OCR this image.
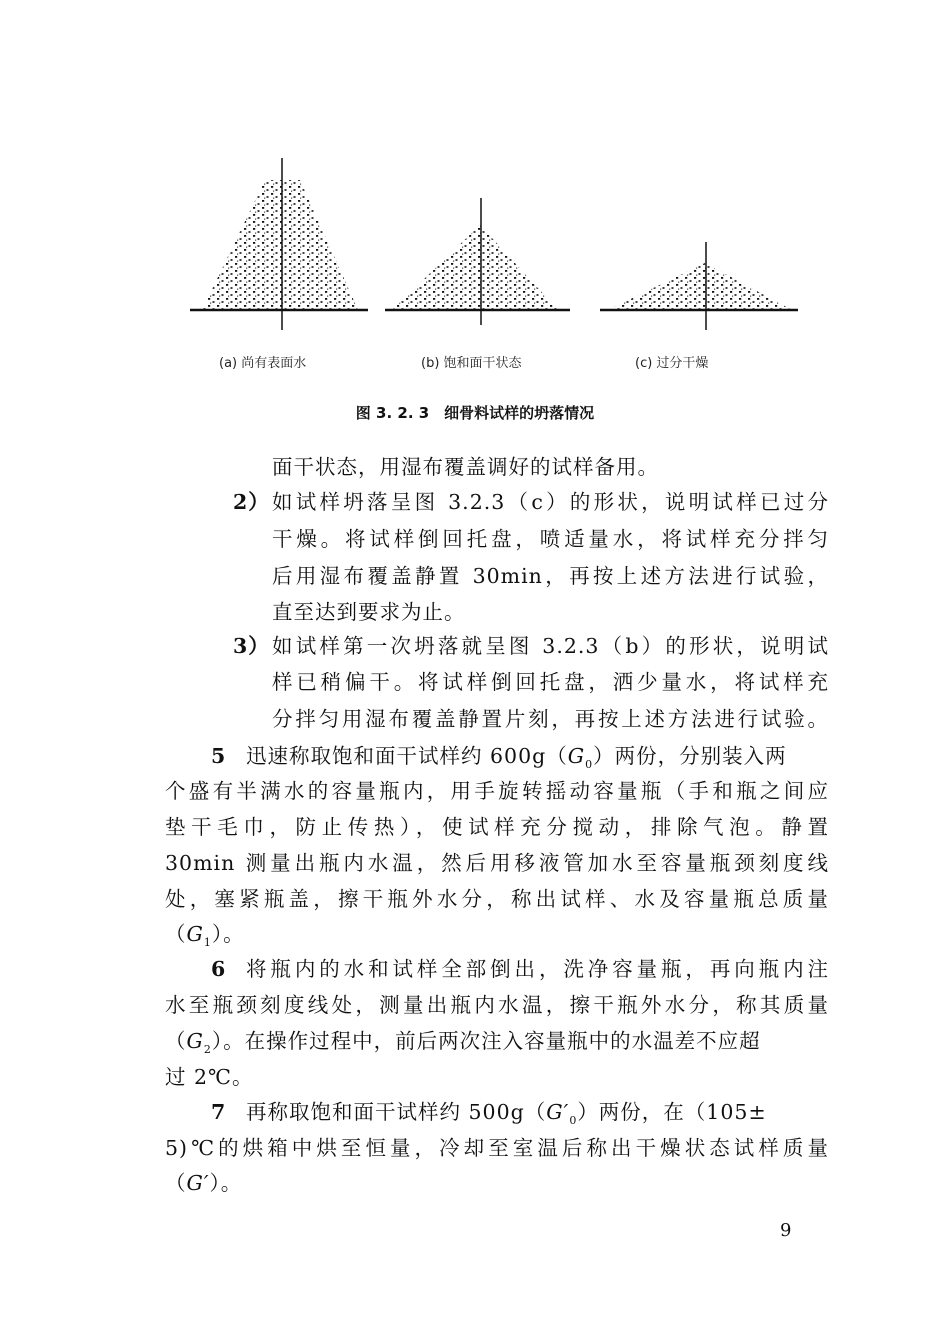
(a) 尚有表面水	(b) 饱和面干状态	(c) 过分干燥
图 3. 2. 3　细骨料试样的坍落情况
面干状态，用湿布覆盖调好的试样备用。
2） 如试样坍落呈图 3.2.3（c）的形状，说明试样已过分
干燥。将试样倒回托盘，喷适量水，将试样充分拌匀
后用湿布覆盖静置 30min，再按上述方法进行试验，
直至达到要求为止。
3） 如试样第一次坍落就呈图 3.2.3（b）的形状，说明试
样已稍偏干。将试样倒回托盘，洒少量水，将试样充
分拌匀用湿布覆盖静置片刻，再按上述方法进行试验。
5 迅速称取饱和面干试样约 $600g(G_0)$两份，分别装入两
个盛有半满水的容量瓶内，用手旋转摇动容量瓶（手和瓶之间应
垫干毛巾，防止传热），使试样充分搅动，排除气泡。静置
30min 测量出瓶内水温，然后用移液管加水至容量瓶颈刻度线
处，塞紧瓶盖，擦干瓶外水分，称出试样、水及容量瓶总质量
$(G_1)$。
6 将瓶内的水和试样全部倒出，洗净容量瓶，再向瓶内注
水至瓶颈刻度线处，测量出瓶内水温，擦干瓶外水分，称其质量
$(G_2)$。在操作过程中，前后两次注入容量瓶中的水温差不应超
过 2℃。
7 再称取饱和面干试样约 $500g(G'_0)$两份，在（105±
5)℃的烘箱中烘至恒量，冷却至室温后称出干燥状态试样质量
（G′）。
9
